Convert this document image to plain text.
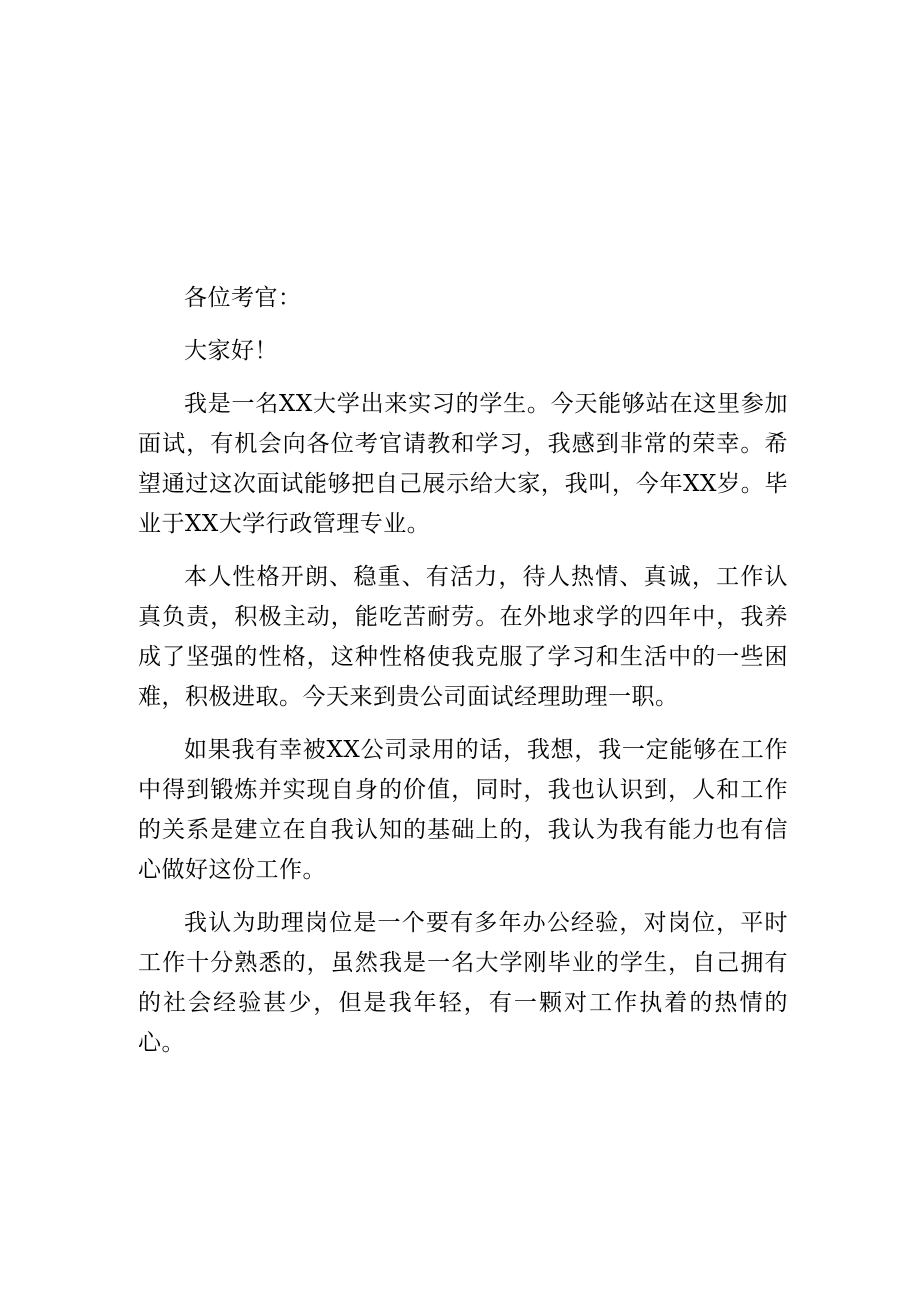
各位考官：

大家好！

我是一名XX大学出来实习的学生。今天能够站在这里参加面试，有机会向各位考官请教和学习，我感到非常的荣幸。希望通过这次面试能够把自己展示给大家，我叫，今年XX岁。毕业于XX大学行政管理专业。

本人性格开朗、稳重、有活力，待人热情、真诚，工作认真负责，积极主动，能吃苦耐劳。在外地求学的四年中，我养成了坚强的性格，这种性格使我克服了学习和生活中的一些困难，积极进取。今天来到贵公司面试经理助理一职。

如果我有幸被XX公司录用的话，我想，我一定能够在工作中得到锻炼并实现自身的价值，同时，我也认识到，人和工作的关系是建立在自我认知的基础上的，我认为我有能力也有信心做好这份工作。

我认为助理岗位是一个要有多年办公经验，对岗位，平时工作十分熟悉的，虽然我是一名大学刚毕业的学生，自己拥有的社会经验甚少，但是我年轻，有一颗对工作执着的热情的心。
